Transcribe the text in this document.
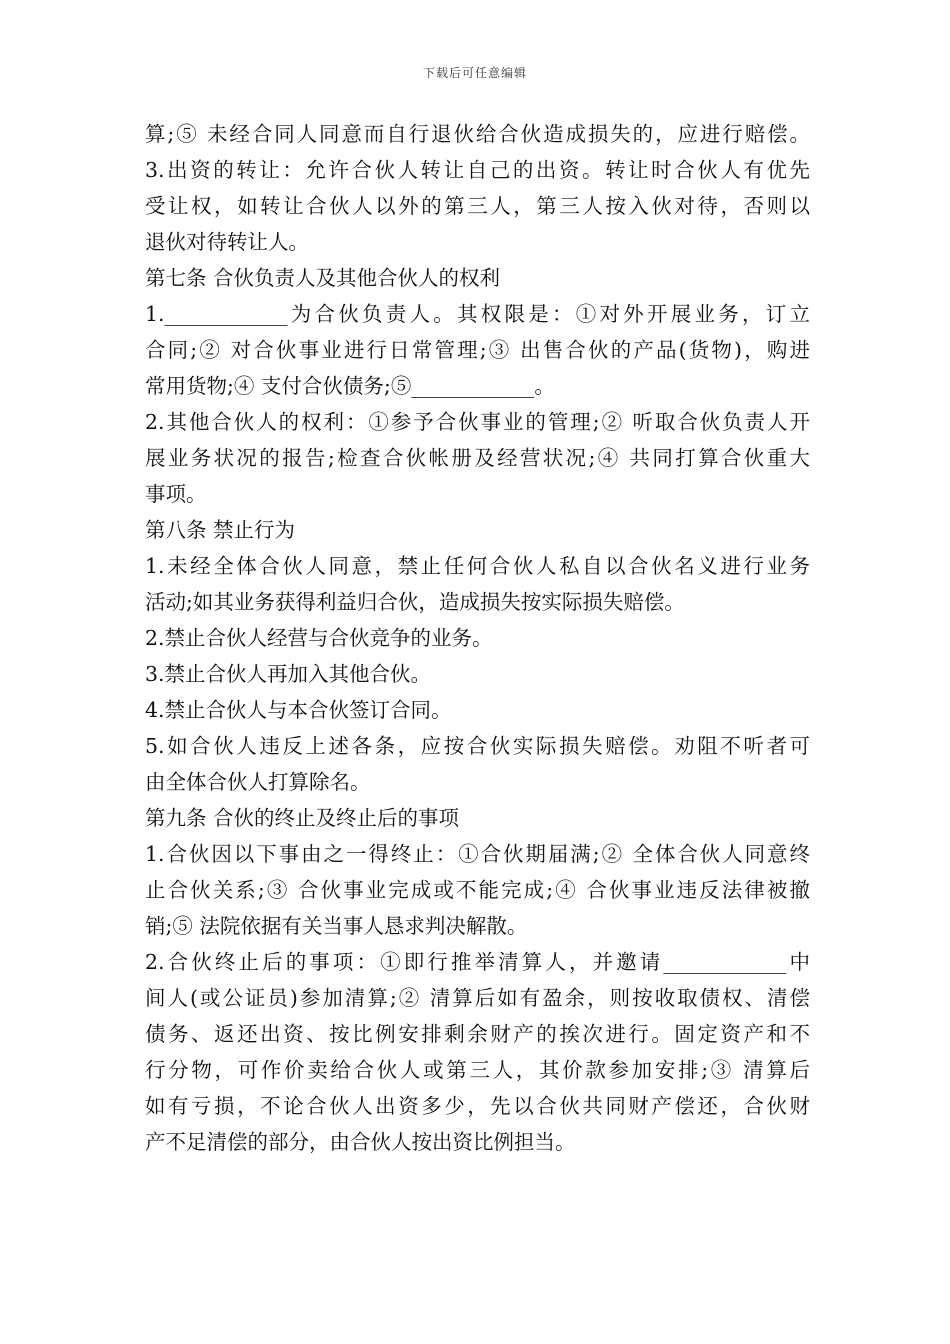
下载后可任意编辑
算;⑤ 未经合同人同意而自行退伙给合伙造成损失的，应进行赔偿。
3.出资的转让：允许合伙人转让自己的出资。转让时合伙人有优先
受让权，如转让合伙人以外的第三人，第三人按入伙对待，否则以
退伙对待转让人。
第七条 合伙负责人及其他合伙人的权利
1.____________为合伙负责人。其权限是：①对外开展业务，订立
合同;② 对合伙事业进行日常管理;③ 出售合伙的产品(货物)，购进
常用货物;④ 支付合伙债务;⑤____________。
2.其他合伙人的权利：①参予合伙事业的管理;② 听取合伙负责人开
展业务状况的报告;检查合伙帐册及经营状况;④ 共同打算合伙重大
事项。
第八条 禁止行为
1.未经全体合伙人同意，禁止任何合伙人私自以合伙名义进行业务
活动;如其业务获得利益归合伙，造成损失按实际损失赔偿。
2.禁止合伙人经营与合伙竞争的业务。
3.禁止合伙人再加入其他合伙。
4.禁止合伙人与本合伙签订合同。
5.如合伙人违反上述各条，应按合伙实际损失赔偿。劝阻不听者可
由全体合伙人打算除名。
第九条 合伙的终止及终止后的事项
1.合伙因以下事由之一得终止：①合伙期届满;② 全体合伙人同意终
止合伙关系;③ 合伙事业完成或不能完成;④ 合伙事业违反法律被撤
销;⑤ 法院依据有关当事人恳求判决解散。
2.合伙终止后的事项：①即行推举清算人，并邀请____________中
间人(或公证员)参加清算;② 清算后如有盈余，则按收取债权、清偿
债务、返还出资、按比例安排剩余财产的挨次进行。固定资产和不
行分物，可作价卖给合伙人或第三人，其价款参加安排;③ 清算后
如有亏损，不论合伙人出资多少，先以合伙共同财产偿还，合伙财
产不足清偿的部分，由合伙人按出资比例担当。
